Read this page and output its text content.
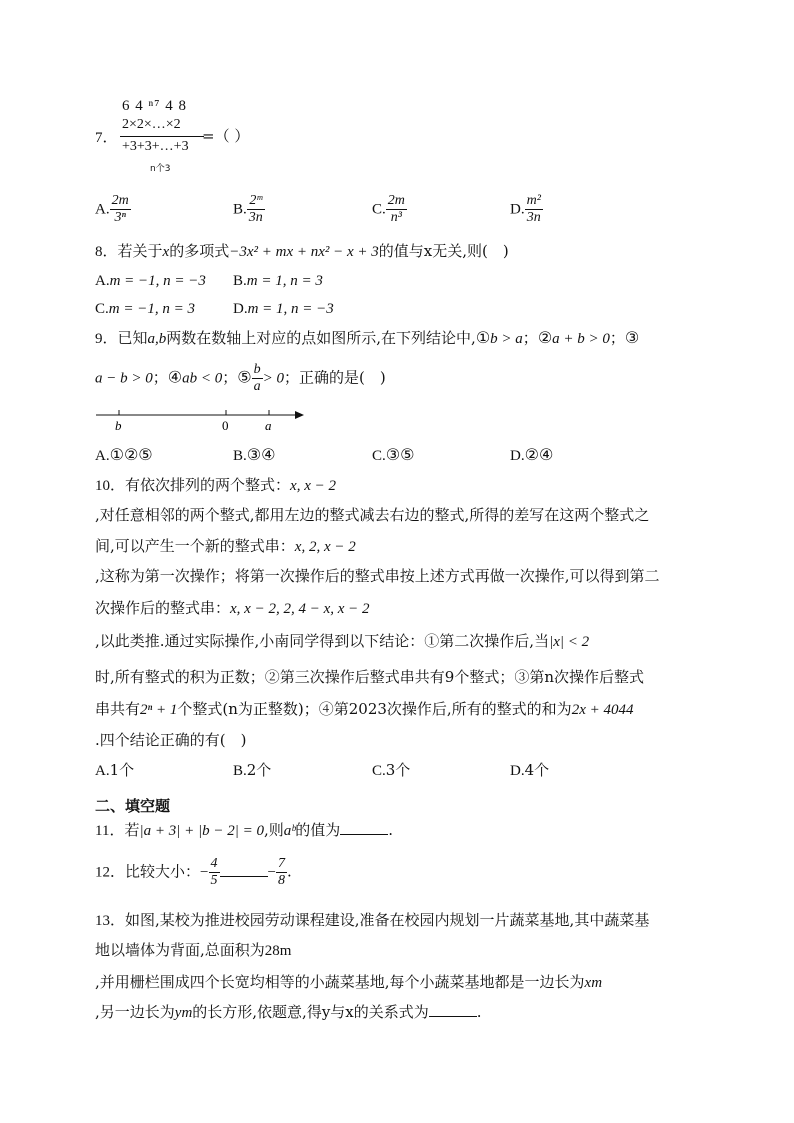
7．
6 4 ⁿ⁷ 4 8
2×2×…×2
+3+3+…+3
n个3
=（ ）
A. $\frac{2m}{\text{3ⁿ}}$	B. $\frac{\text{2ᵐ}}{3n}$	C. $\frac{2m}{\text{n³}}$	D. $\frac{\text{m²}}{3n}$
8．若关于x的多项式−3x² + mx + nx² − x + 3的值与x无关,则(　)
A.m = −1, n = −3 B.m = 1, n = 3
C.m = −1, n = 3	D.m = 1, n = −3
9．已知a,b两数在数轴上对应的点如图所示,在下列结论中,①b > a；②a + b > 0；③
a − b > 0；④ab < 0；⑤ $\frac{b}{a} > 0$；正确的是(　)
b	0	a
A.①②⑤	B.③④	C.③⑤	D.②④
10．有依次排列的两个整式：x, x − 2
,对任意相邻的两个整式,都用左边的整式减去右边的整式,所得的差写在这两个整式之
间,可以产生一个新的整式串：x, 2, x − 2
,这称为第一次操作；将第一次操作后的整式串按上述方式再做一次操作,可以得到第二
次操作后的整式串：x, x − 2, 2, 4 − x, x − 2
,以此类推.通过实际操作,小南同学得到以下结论：①第二次操作后,当|x| < 2
时,所有整式的积为正数；②第三次操作后整式串共有9个整式；③第n次操作后整式
串共有2ⁿ + 1个整式(n为正整数)；④第2023次操作后,所有的整式的和为2x + 4044
.四个结论正确的有(　)
A.1个	B.2个	C.3个	D.4个
二、填空题
11．若|a + 3| + |b − 2| = 0,则aᵇ的值为	.
12．比较大小：− $\frac{4}{5}$	− $\frac{7}{8}$ .
13．如图,某校为推进校园劳动课程建设,准备在校园内规划一片蔬菜基地,其中蔬菜基
地以墙体为背面,总面积为28m
,并用栅栏围成四个长宽均相等的小蔬菜基地,每个小蔬菜基地都是一边长为xm
,另一边长为ym的长方形,依题意,得y与x的关系式为	.
